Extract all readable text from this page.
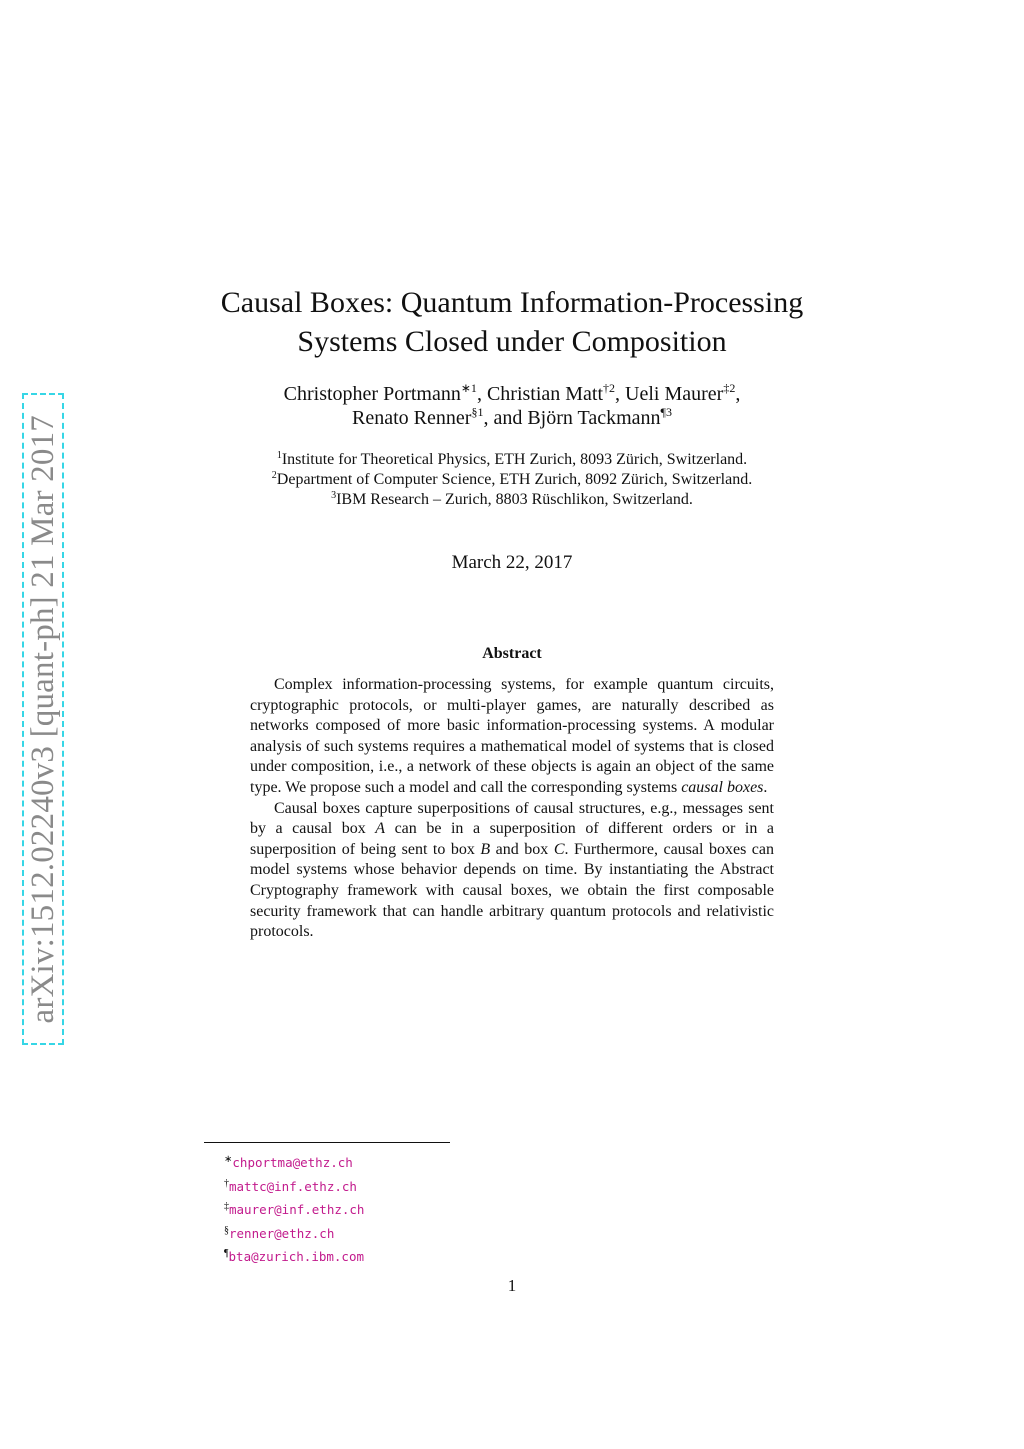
arXiv:1512.02240v3 [quant-ph] 21 Mar 2017
Causal Boxes: Quantum Information-Processing
Systems Closed under Composition
Christopher Portmann$^{∗1}$, Christian Matt$^{\dagger 2}$, Ueli Maurer$^{\ddagger 2}$,
Renato Renner$^{\S 1}$, and Björn Tackmann$^{\P 3}$
$^1$Institute for Theoretical Physics, ETH Zurich, 8093 Zürich, Switzerland.
$^2$Department of Computer Science, ETH Zurich, 8092 Zürich, Switzerland.
$^3$IBM Research – Zurich, 8803 Rüschlikon, Switzerland.
March 22, 2017
Abstract

Complex information-processing systems, for example quantum circuits, cryptographic protocols, or multi-player games, are naturally described as networks composed of more basic information-processing systems. A modular analysis of such systems requires a mathematical model of systems that is closed under composition, i.e., a network of these objects is again an object of the same type. We propose such a model and call the corresponding systems causal boxes.

Causal boxes capture superpositions of causal structures, e.g., messages sent by a causal box A can be in a superposition of different orders or in a superposition of being sent to box B and box C. Furthermore, causal boxes can model systems whose behavior depends on time. By instantiating the Abstract Cryptography framework with causal boxes, we obtain the first composable security framework that can handle arbitrary quantum protocols and relativistic protocols.

∗chportma@ethz.ch
†mattc@inf.ethz.ch
‡maurer@inf.ethz.ch
§renner@ethz.ch
¶bta@zurich.ibm.com
1
